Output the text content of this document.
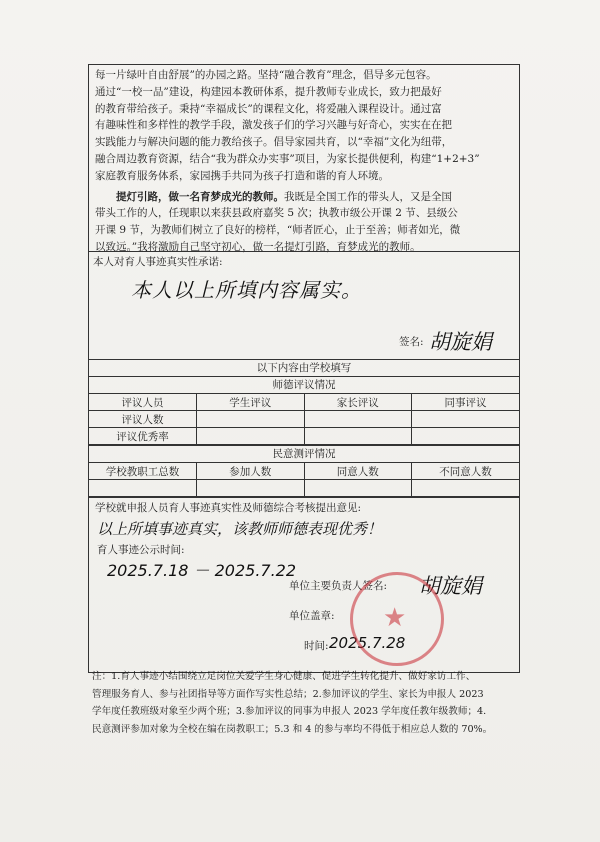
每一片绿叶自由舒展”的办园之路。坚持“融合教育”理念，倡导多元包容。

通过“一校一品”建设，构建园本教研体系，提升教师专业成长，致力把最好

的教育带给孩子。秉持“幸福成长”的课程文化，将爱融入课程设计。通过富

有趣味性和多样性的教学手段，激发孩子们的学习兴趣与好奇心，实实在在把

实践能力与解决问题的能力教给孩子。倡导家园共育，以“幸福”文化为纽带，

融合周边教育资源，结合“我为群众办实事”项目，为家长提供便利，构建“1+2+3”

家庭教育服务体系，家园携手共同为孩子打造和谐的育人环境。

提灯引路，做一名育梦成光的教师。我既是全国工作的带头人，又是全国

带头工作的人，任现职以来获县政府嘉奖 5 次；执教市级公开课 2 节、县级公

开课 9 节，为教师们树立了良好的榜样，“师者匠心，止于至善；师者如光，微

以致远。”我将激励自己坚守初心，做一名提灯引路，育梦成光的教师。

本人对育人事迹真实性承诺:
本人以上所填内容属实。
签名: 胡旋娟
以下内容由学校填写
师德评议情况
评议人员	学生评议	家长评议	同事评议
评议人数			
评议优秀率			
民意测评情况
学校教职工总数	参加人数	同意人数	不同意人数

学校就申报人员育人事迹真实性及师德综合考核提出意见:
以上所填事迹真实，该教师师德表现优秀！
育人事迹公示时间:
2025.7.18 － 2025.7.22
单位主要负责人签名: 胡旋娟
单位盖章:
时间: 2025.7.28
★
注：1.育人事迹小结围绕立足岗位关爱学生身心健康、促进学生转化提升、做好家访工作、
管理服务育人、参与社团指导等方面作写实性总结；2.参加评议的学生、家长为申报人 2023
学年度任教班级对象至少两个班；3.参加评议的同事为申报人 2023 学年度任教年级教师；4.
民意测评参加对象为全校在编在岗教职工；5.3 和 4 的参与率均不得低于相应总人数的 70%。
